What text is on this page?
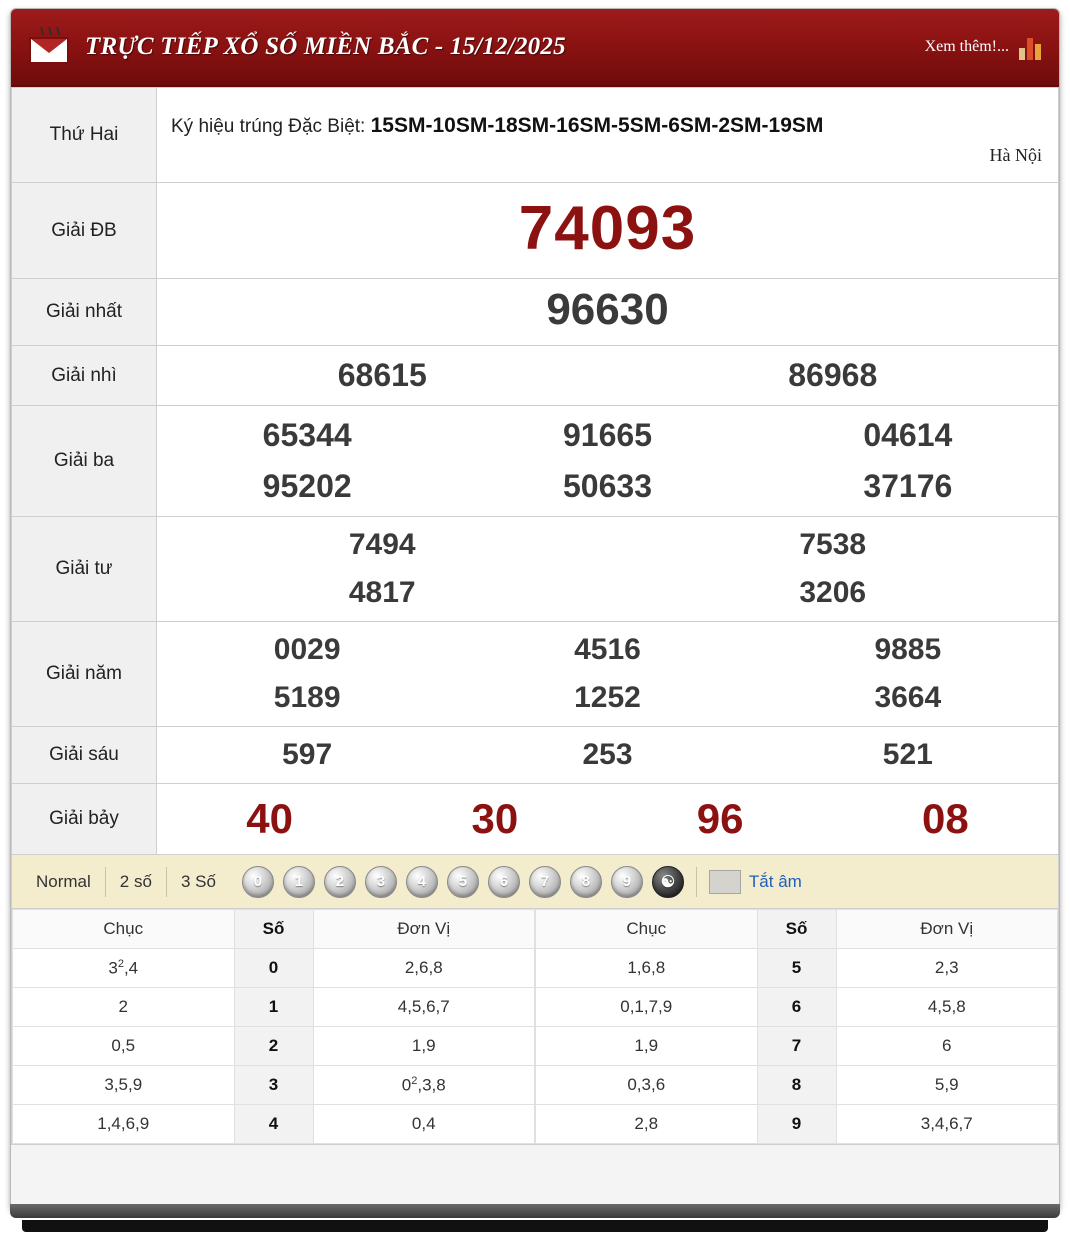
TRỰC TIẾP XỔ SỐ MIỀN BẮC - 15/12/2025	Xem thêm!...
Thứ Hai	Ký hiệu trúng Đặc Biệt: 15SM-10SM-18SM-16SM-5SM-6SM-2SM-19SM
Hà Nội

Giải ĐB	74093

Giải nhất	96630

Giải nhì	68615 86968

Giải ba	
65344	91665	04614
95202	50633	37176

Giải tư	7494 7538
4817 3206

Giải năm	
0029	4516	9885
5189	1252	3664

Giải sáu	597 253 521

Giải bảy	40 30 96 08
Normal	2 số	3 Số	0	1	2	3	4	5	6	7	8	9	☯	Tắt âm
Chục	Số	Đơn Vị
$3^2,4$	0	2,6,8
2	1	4,5,6,7
0,5	2	1,9
3,5,9	3	$0^2,3,8$
1,4,6,9	4	0,4
Chục	Số	Đơn Vị
1,6,8	5	2,3
0,1,7,9	6	4,5,8
1,9	7	6
0,3,6	8	5,9
2,8	9	3,4,6,7
